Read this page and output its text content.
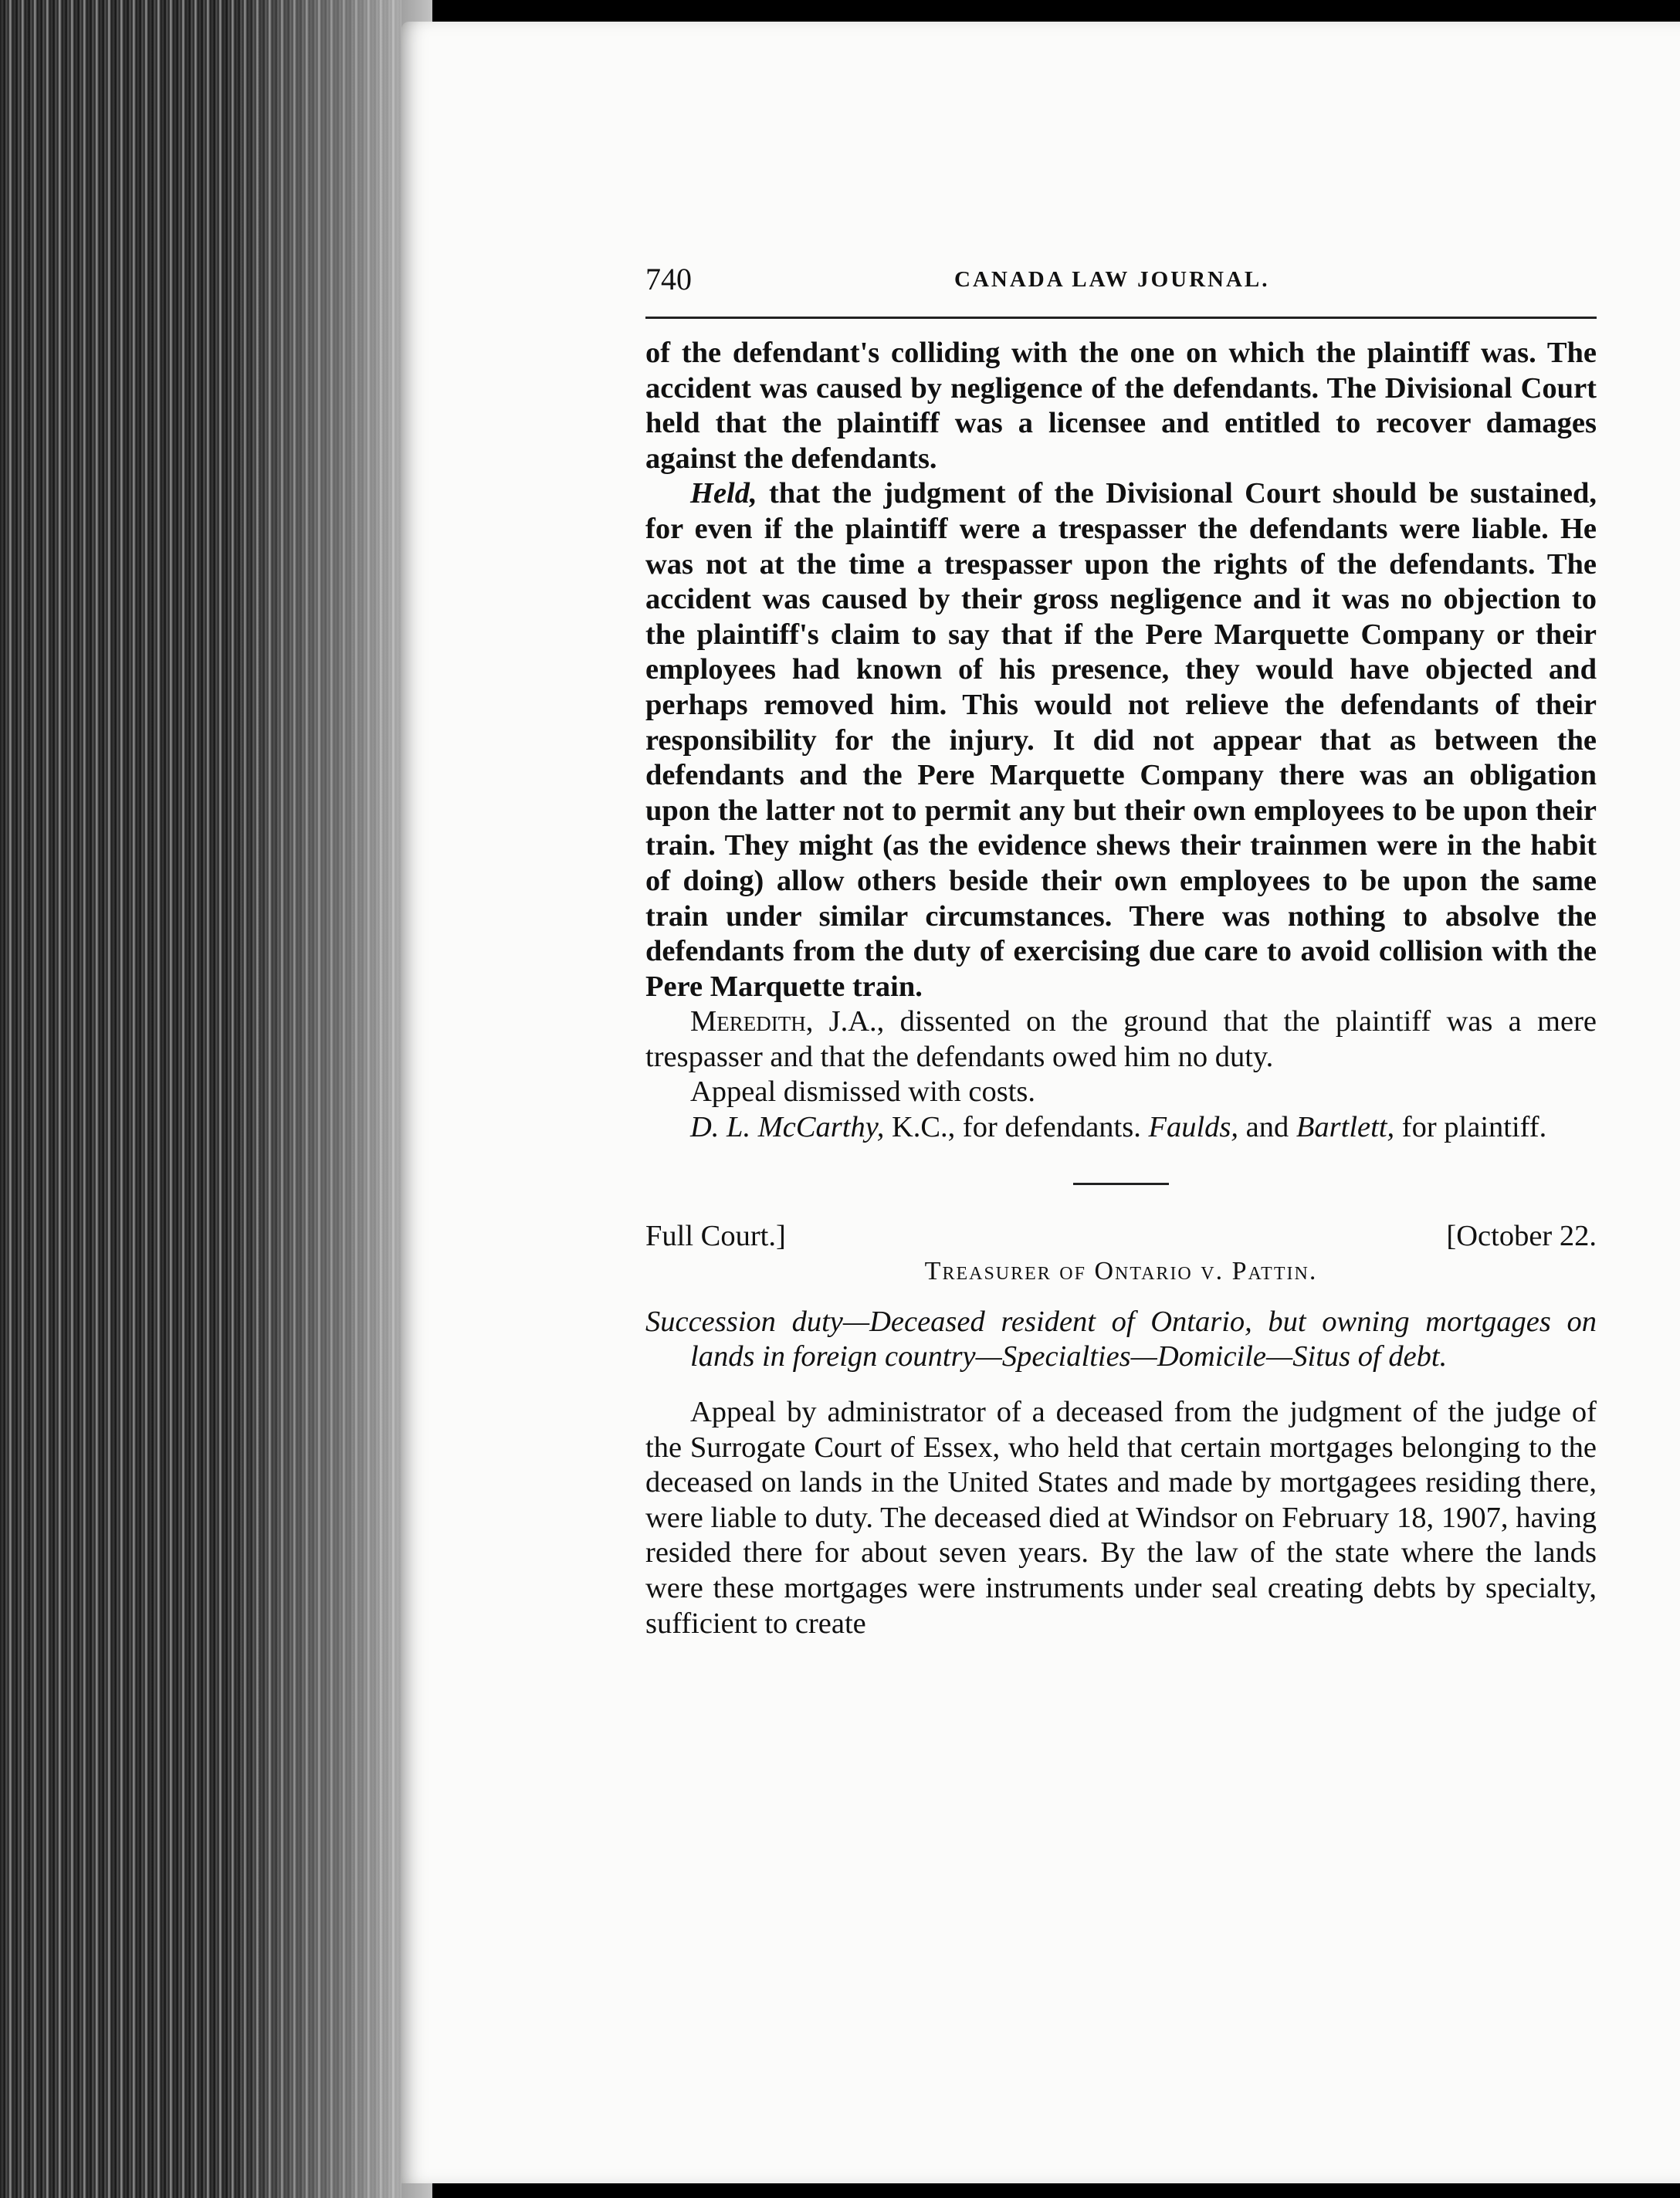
740	CANADA LAW JOURNAL.

of the defendant's colliding with the one on which the plaintiff was. The accident was caused by negligence of the defendants. The Divisional Court held that the plaintiff was a licensee and entitled to recover damages against the defendants.

Held, that the judgment of the Divisional Court should be sustained, for even if the plaintiff were a trespasser the defendants were liable. He was not at the time a trespasser upon the rights of the defendants. The accident was caused by their gross negligence and it was no objection to the plaintiff's claim to say that if the Pere Marquette Company or their employees had known of his presence, they would have objected and perhaps removed him. This would not relieve the defendants of their responsibility for the injury. It did not appear that as between the defendants and the Pere Marquette Company there was an obligation upon the latter not to permit any but their own employees to be upon their train. They might (as the evidence shews their trainmen were in the habit of doing) allow others beside their own employees to be upon the same train under similar circumstances. There was nothing to absolve the defendants from the duty of exercising due care to avoid collision with the Pere Marquette train.

Meredith, J.A., dissented on the ground that the plaintiff was a mere trespasser and that the defendants owed him no duty.

Appeal dismissed with costs.

D. L. McCarthy, K.C., for defendants. Faulds, and Bartlett, for plaintiff.

Full Court.]	[October 22.
Treasurer of Ontario v. Pattin.
Succession duty—Deceased resident of Ontario, but owning mortgages on lands in foreign country—Specialties—Domicile—Situs of debt.

Appeal by administrator of a deceased from the judgment of the judge of the Surrogate Court of Essex, who held that certain mortgages belonging to the deceased on lands in the United States and made by mortgagees residing there, were liable to duty. The deceased died at Windsor on February 18, 1907, having resided there for about seven years. By the law of the state where the lands were these mortgages were instruments under seal creating debts by specialty, sufficient to create
